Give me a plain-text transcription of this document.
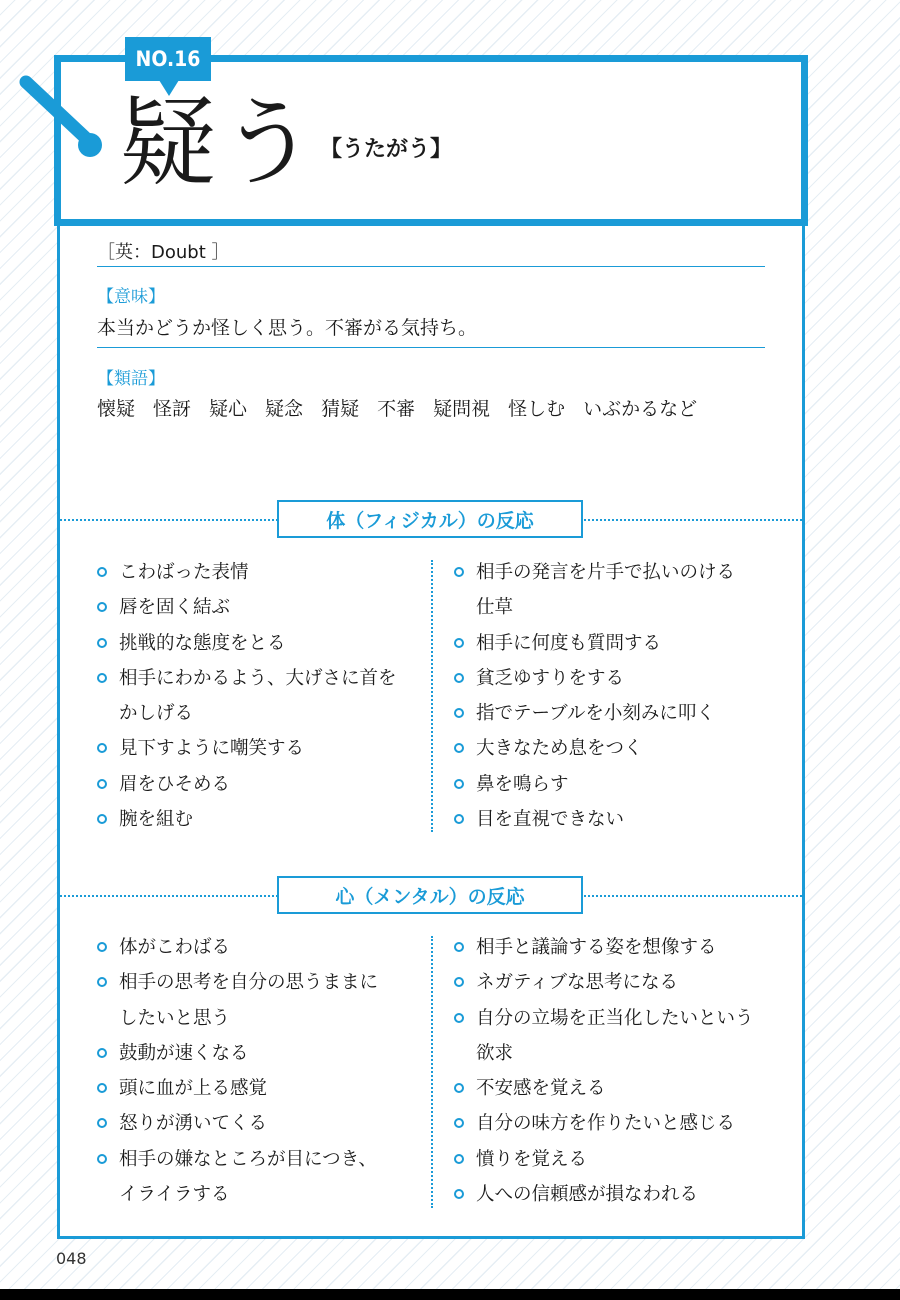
NO.16
疑う 【うたがう】
［英：Doubt ］
【意味】
本当かどうか怪しく思う。不審がる気持ち。
【類語】
懐疑 怪訝 疑心 疑念 猜疑 不審 疑問視 怪しむ いぶかるなど
体（フィジカル）の反応
こわばった表情
唇を固く結ぶ
挑戦的な態度をとる
相手にわかるよう、大げさに首を
かしげる
見下すように嘲笑する
眉をひそめる
腕を組む
相手の発言を片手で払いのける
仕草
相手に何度も質問する
貧乏ゆすりをする
指でテーブルを小刻みに叩く
大きなため息をつく
鼻を鳴らす
目を直視できない
心（メンタル）の反応
体がこわばる
相手の思考を自分の思うままに
したいと思う
鼓動が速くなる
頭に血が上る感覚
怒りが湧いてくる
相手の嫌なところが目につき、
イライラする
相手と議論する姿を想像する
ネガティブな思考になる
自分の立場を正当化したいという
欲求
不安感を覚える
自分の味方を作りたいと感じる
憤りを覚える
人への信頼感が損なわれる
048
